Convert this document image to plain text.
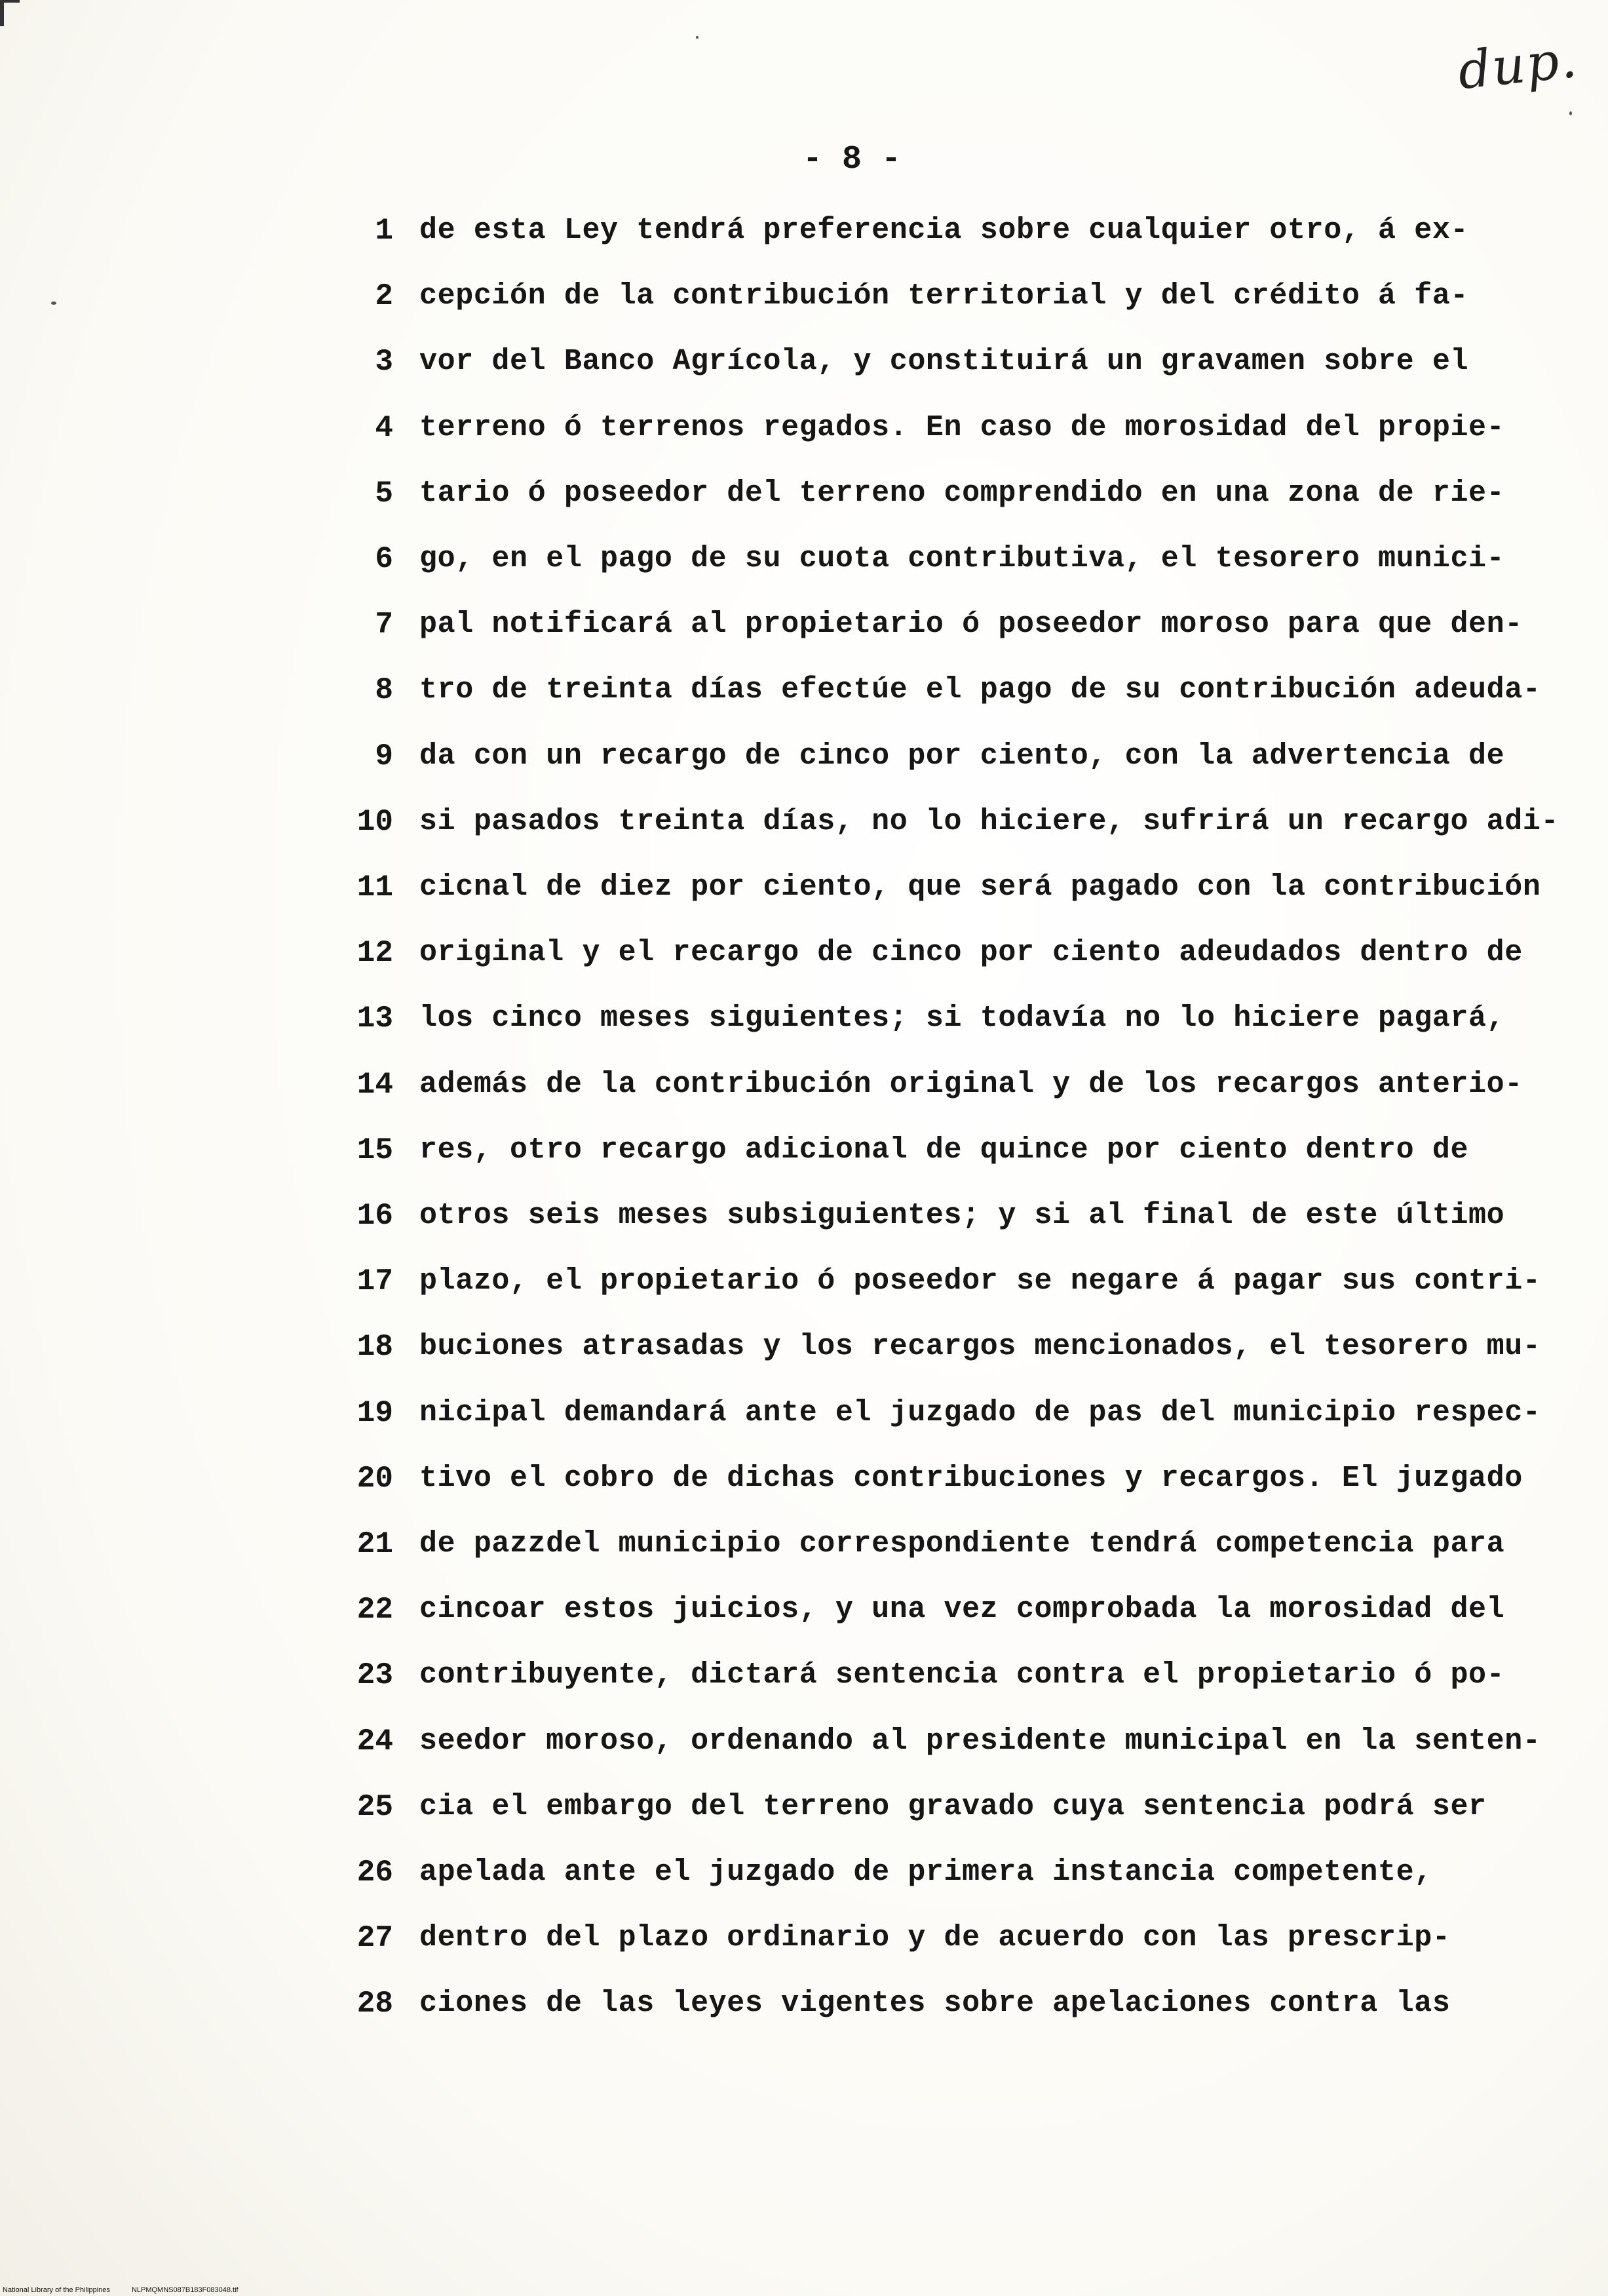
dup.
- 8 -
1 de esta Ley tendrá preferencia sobre cualquier otro, á ex-
2 cepción de la contribución territorial y del crédito á fa-
3 vor del Banco Agrícola, y constituirá un gravamen sobre el
4 terreno ó terrenos regados. En caso de morosidad del propie-
5 tario ó poseedor del terreno comprendido en una zona de rie-
6 go, en el pago de su cuota contributiva, el tesorero munici-
7 pal notificará al propietario ó poseedor moroso para que den-
8 tro de treinta días efectúe el pago de su contribución adeuda-
9 da con un recargo de cinco por ciento, con la advertencia de
10 si pasados treinta días, no lo hiciere, sufrirá un recargo adi-
11 cicnal de diez por ciento, que será pagado con la contribución
12 original y el recargo de cinco por ciento adeudados dentro de
13 los cinco meses siguientes; si todavía no lo hiciere pagará,
14 además de la contribución original y de los recargos anterio-
15 res, otro recargo adicional de quince por ciento dentro de
16 otros seis meses subsiguientes; y si al final de este último
17 plazo, el propietario ó poseedor se negare á pagar sus contri-
18 buciones atrasadas y los recargos mencionados, el tesorero mu-
19 nicipal demandará ante el juzgado de pas del municipio respec-
20 tivo el cobro de dichas contribuciones y recargos. El juzgado
21 de pazzdel municipio correspondiente tendrá competencia para
22 cincoar estos juicios, y una vez comprobada la morosidad del
23 contribuyente, dictará sentencia contra el propietario ó po-
24 seedor moroso, ordenando al presidente municipal en la senten-
25 cia el embargo del terreno gravado cuya sentencia podrá ser
26 apelada ante el juzgado de primera instancia competente,
27 dentro del plazo ordinario y de acuerdo con las prescrip-
28 ciones de las leyes vigentes sobre apelaciones contra las
National Library of the Philippines	NLPMQMNS087B183F083048.tif
